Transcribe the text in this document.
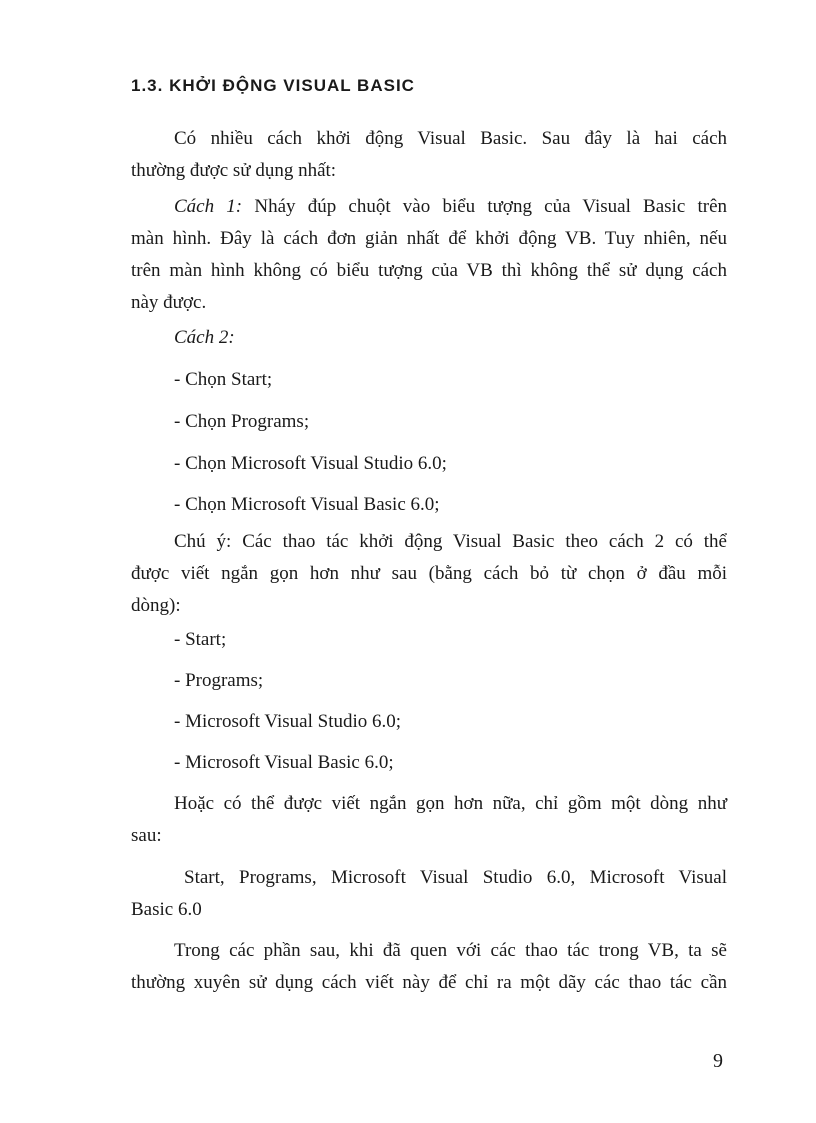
1.3. KHỞI ĐỘNG VISUAL BASIC
Có nhiều cách khởi động Visual Basic. Sau đây là hai cách
thường được sử dụng nhất:
Cách 1: Nháy đúp chuột vào biểu tượng của Visual Basic trên
màn hình. Đây là cách đơn giản nhất để khởi động VB. Tuy nhiên, nếu
trên màn hình không có biểu tượng của VB thì không thể sử dụng cách
này được.

Cách 2:

- Chọn Start;

- Chọn Programs;

- Chọn Microsoft Visual Studio 6.0;

- Chọn Microsoft Visual Basic 6.0;

Chú ý: Các thao tác khởi động Visual Basic theo cách 2 có thể
được viết ngắn gọn hơn như sau (bằng cách bỏ từ chọn ở đầu mỗi
dòng):

- Start;

- Programs;

- Microsoft Visual Studio 6.0;

- Microsoft Visual Basic 6.0;

Hoặc có thể được viết ngắn gọn hơn nữa, chỉ gồm một dòng như
sau:
Start, Programs, Microsoft Visual Studio 6.0, Microsoft Visual
Basic 6.0
Trong các phần sau, khi đã quen với các thao tác trong VB, ta sẽ
thường xuyên sử dụng cách viết này để chỉ ra một dãy các thao tác cần

9
